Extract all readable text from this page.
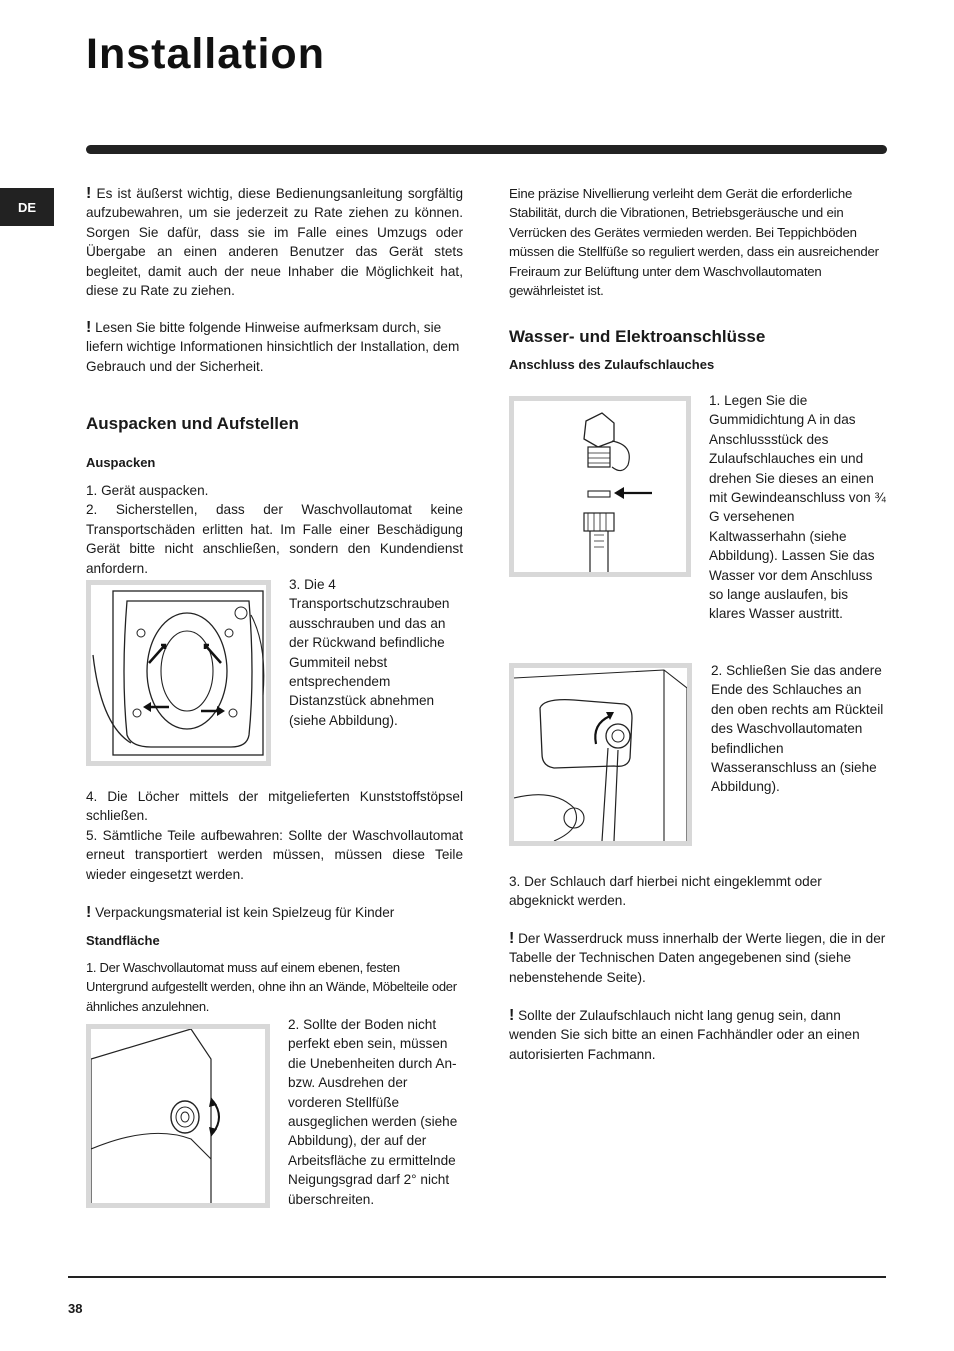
Installation
DE

! Es ist äußerst wichtig, diese Bedienungsanleitung sorgfältig aufzubewahren, um sie jederzeit zu Rate ziehen zu können. Sorgen Sie dafür, dass sie im Falle eines Umzugs oder Übergabe an einen anderen Benutzer das Gerät stets begleitet, damit auch der neue Inhaber die Möglichkeit hat, diese zu Rate zu ziehen.

! Lesen Sie bitte folgende Hinweise aufmerksam durch, sie liefern wichtige Informationen hinsichtlich der Installation, dem Gebrauch und der Sicherheit.

Auspacken und Aufstellen
Auspacken

1. Gerät auspacken.
2. Sicherstellen, dass der Waschvollautomat keine Transportschäden erlitten hat. Im Falle einer Beschädigung Gerät bitte nicht anschließen, sondern den Kundendienst anfordern.

3. Die 4 Transportschutzschrauben ausschrauben und das an der Rückwand befindliche Gummiteil nebst entsprechendem Distanzstück abnehmen (siehe Abbildung).

4. Die Löcher mittels der mitgelieferten Kunststoffstöpsel schließen.
5. Sämtliche Teile aufbewahren: Sollte der Waschvollautomat erneut transportiert werden müssen, müssen diese Teile wieder eingesetzt werden.

! Verpackungsmaterial ist kein Spielzeug für Kinder

Standfläche

1. Der Waschvollautomat muss auf einem ebenen, festen Untergrund aufgestellt werden, ohne ihn an Wände, Möbelteile oder ähnliches anzulehnen.

2. Sollte der Boden nicht perfekt eben sein, müssen die Unebenheiten durch An- bzw. Ausdrehen der vorderen Stellfüße ausgeglichen werden (siehe Abbildung), der auf der Arbeitsfläche zu ermittelnde Neigungsgrad darf 2° nicht überschreiten.

Eine präzise Nivellierung verleiht dem Gerät die erforderliche Stabilität, durch die Vibrationen, Betriebsgeräusche und ein Verrücken des Gerätes vermieden werden. Bei Teppichböden müssen die Stellfüße so reguliert werden, dass ein ausreichender Freiraum zur Belüftung unter dem Waschvollautomaten gewährleistet ist.

Wasser- und Elektroanschlüsse
Anschluss des Zulaufschlauches

1. Legen Sie die Gummidichtung A in das Anschlussstück des Zulaufschlauches ein und drehen Sie dieses an einen mit Gewindeanschluss von ¾ G versehenen Kaltwasserhahn (siehe Abbildung). Lassen Sie das Wasser vor dem Anschluss so lange auslaufen, bis klares Wasser austritt.

2. Schließen Sie das andere Ende des Schlauches an den oben rechts am Rückteil des Waschvollautomaten befindlichen Wasseranschluss an (siehe Abbildung).

3. Der Schlauch darf hierbei nicht eingeklemmt oder abgeknickt werden.

! Der Wasserdruck muss innerhalb der Werte liegen, die in der Tabelle der Technischen Daten angegebenen sind (siehe nebenstehende Seite).

! Sollte der Zulaufschlauch nicht lang genug sein, dann wenden Sie sich bitte an einen Fachhändler oder an einen autorisierten Fachmann.

38
